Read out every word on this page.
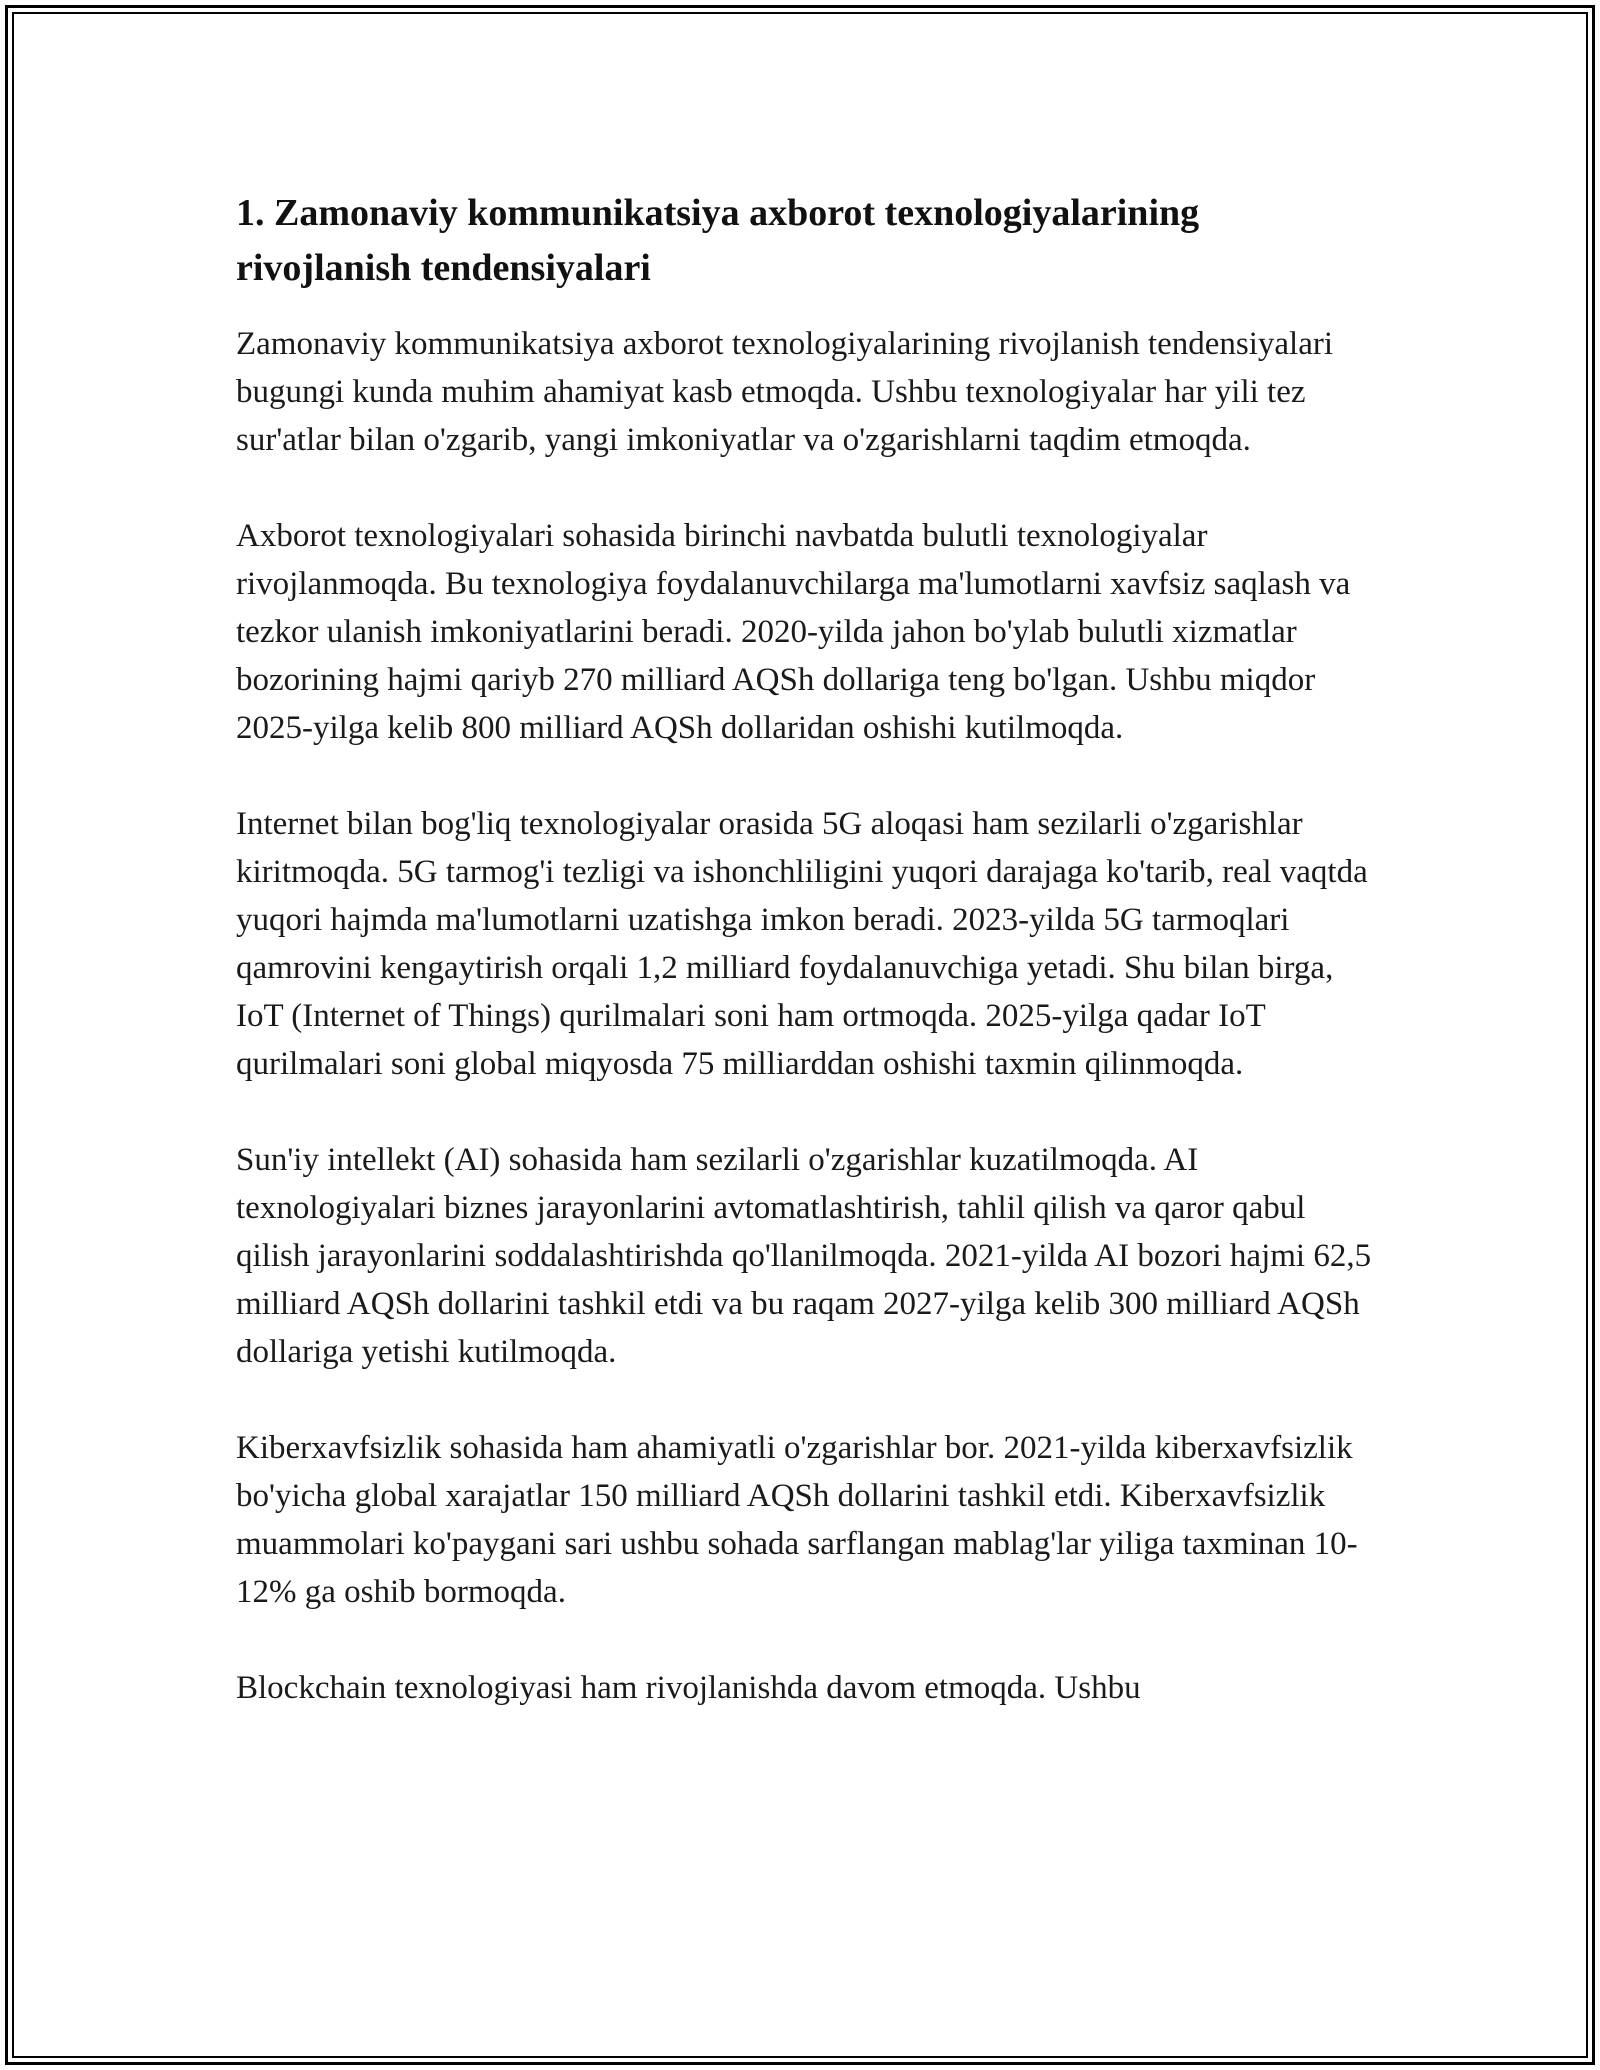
1. Zamonaviy kommunikatsiya axborot texnologiyalarining rivojlanish tendensiyalari

Zamonaviy kommunikatsiya axborot texnologiyalarining rivojlanish tendensiyalari bugungi kunda muhim ahamiyat kasb etmoqda. Ushbu texnologiyalar har yili tez sur'atlar bilan o'zgarib, yangi imkoniyatlar va o'zgarishlarni taqdim etmoqda.

Axborot texnologiyalari sohasida birinchi navbatda bulutli texnologiyalar rivojlanmoqda. Bu texnologiya foydalanuvchilarga ma'lumotlarni xavfsiz saqlash va tezkor ulanish imkoniyatlarini beradi. 2020-yilda jahon bo'ylab bulutli xizmatlar bozorining hajmi qariyb 270 milliard AQSh dollariga teng bo'lgan. Ushbu miqdor 2025-yilga kelib 800 milliard AQSh dollaridan oshishi kutilmoqda.

Internet bilan bog'liq texnologiyalar orasida 5G aloqasi ham sezilarli o'zgarishlar kiritmoqda. 5G tarmog'i tezligi va ishonchliligini yuqori darajaga ko'tarib, real vaqtda yuqori hajmda ma'lumotlarni uzatishga imkon beradi. 2023-yilda 5G tarmoqlari qamrovini kengaytirish orqali 1,2 milliard foydalanuvchiga yetadi. Shu bilan birga, IoT (Internet of Things) qurilmalari soni ham ortmoqda. 2025-yilga qadar IoT qurilmalari soni global miqyosda 75 milliarddan oshishi taxmin qilinmoqda.

Sun'iy intellekt (AI) sohasida ham sezilarli o'zgarishlar kuzatilmoqda. AI texnologiyalari biznes jarayonlarini avtomatlashtirish, tahlil qilish va qaror qabul qilish jarayonlarini soddalashtirishda qo'llanilmoqda. 2021-yilda AI bozori hajmi 62,5 milliard AQSh dollarini tashkil etdi va bu raqam 2027-yilga kelib 300 milliard AQSh dollariga yetishi kutilmoqda.

Kiberxavfsizlik sohasida ham ahamiyatli o'zgarishlar bor. 2021-yilda kiberxavfsizlik bo'yicha global xarajatlar 150 milliard AQSh dollarini tashkil etdi. Kiberxavfsizlik muammolari ko'paygani sari ushbu sohada sarflangan mablag'lar yiliga taxminan 10-12% ga oshib bormoqda.

Blockchain texnologiyasi ham rivojlanishda davom etmoqda. Ushbu
